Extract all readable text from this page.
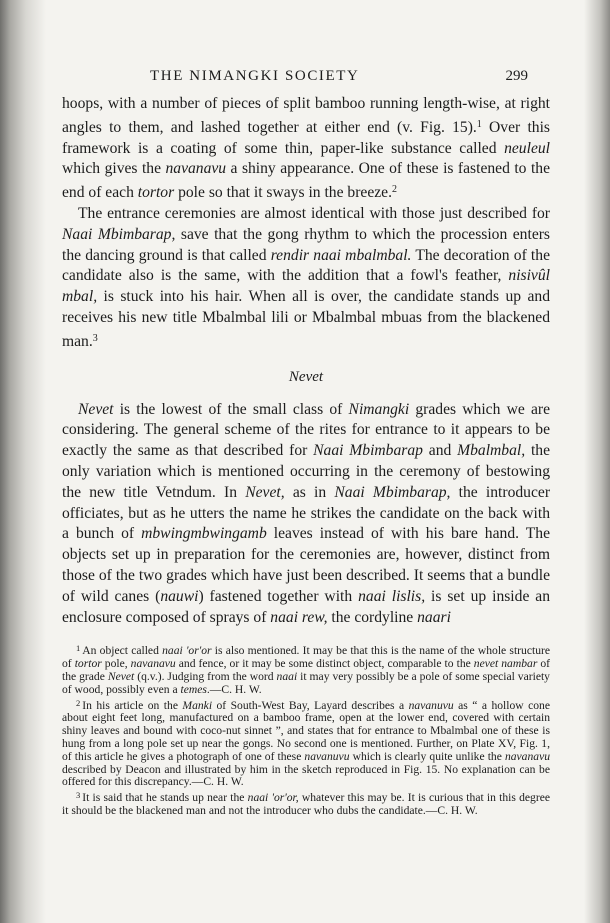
THE NIMANGKI SOCIETY	299

hoops, with a number of pieces of split bamboo running length-wise, at right angles to them, and lashed together at either end (v. Fig. 15).$^1$ Over this framework is a coating of some thin, paper-like substance called neuleul which gives the navanavu a shiny appearance. One of these is fastened to the end of each tortor pole so that it sways in the breeze.$^2$

The entrance ceremonies are almost identical with those just described for Naai Mbimbarap, save that the gong rhythm to which the procession enters the dancing ground is that called rendir naai mbalmbal. The decoration of the candidate also is the same, with the addition that a fowl's feather, nisivûl mbal, is stuck into his hair. When all is over, the candidate stands up and receives his new title Mbalmbal lili or Mbalmbal mbuas from the blackened man.$^3$

Nevet

Nevet is the lowest of the small class of Nimangki grades which we are considering. The general scheme of the rites for entrance to it appears to be exactly the same as that described for Naai Mbimbarap and Mbalmbal, the only variation which is mentioned occurring in the ceremony of bestowing the new title Vetndum. In Nevet, as in Naai Mbimbarap, the introducer officiates, but as he utters the name he strikes the candidate on the back with a bunch of mbwingmbwingamb leaves instead of with his bare hand. The objects set up in preparation for the ceremonies are, however, distinct from those of the two grades which have just been described. It seems that a bundle of wild canes (nauwi) fastened together with naai lislis, is set up inside an enclosure composed of sprays of naai rew, the cordyline naari

$^1$ An object called naai 'or'or is also mentioned. It may be that this is the name of the whole structure of tortor pole, navanavu and fence, or it may be some distinct object, comparable to the nevet nambar of the grade Nevet (q.v.). Judging from the word naai it may very possibly be a pole of some special variety of wood, possibly even a temes.—C. H. W.

$^2$ In his article on the Manki of South-West Bay, Layard describes a navanuvu as “ a hollow cone about eight feet long, manufactured on a bamboo frame, open at the lower end, covered with certain shiny leaves and bound with coco-nut sinnet ”, and states that for entrance to Mbalmbal one of these is hung from a long pole set up near the gongs. No second one is mentioned. Further, on Plate XV, Fig. 1, of this article he gives a photograph of one of these navanuvu which is clearly quite unlike the navanavu described by Deacon and illustrated by him in the sketch reproduced in Fig. 15. No explanation can be offered for this discrepancy.—C. H. W.

$^3$ It is said that he stands up near the naai 'or'or, whatever this may be. It is curious that in this degree it should be the blackened man and not the introducer who dubs the candidate.—C. H. W.
